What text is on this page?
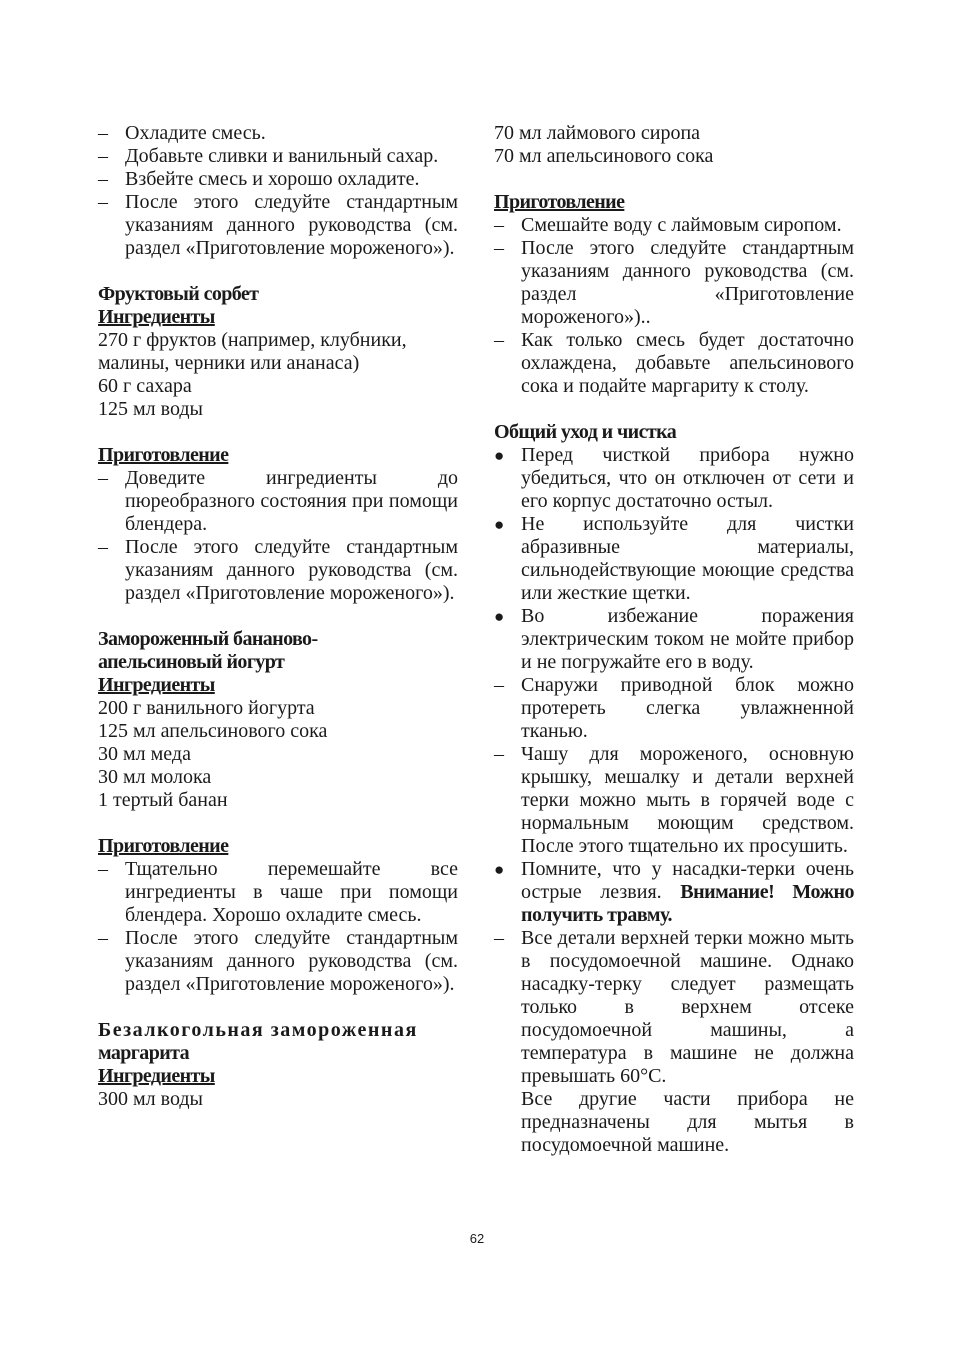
– Охладите смесь.
– Добавьте сливки и ванильный сахар.
– Взбейте смесь и хорошо охладите.
– После этого следуйте стандартным указаниям данного руководства (см. раздел «Приготовление мороженого»).
Фруктовый сорбет
Ингредиенты
270 г фруктов (например, клубники, малины, черники или ананаса)
60 г сахара
125 мл воды
Приготовление
– Доведите ингредиенты до пюреобразного состояния при помощи блендера.
– После этого следуйте стандартным указаниям данного руководства (см. раздел «Приготовление мороженого»).
Замороженный бананово-
апельсиновый йогурт
Ингредиенты
200 г ванильного йогурта
125 мл апельсинового сока
30 мл меда
30 мл молока
1 тертый банан
Приготовление
– Тщательно перемешайте все ингредиенты в чаше при помощи блендера. Хорошо охладите смесь.
– После этого следуйте стандартным указаниям данного руководства (см. раздел «Приготовление мороженого»).
Безалкогольная замороженная
маргарита
Ингредиенты
300 мл воды
70 мл лаймового сиропа
70 мл апельсинового сока
Приготовление
– Смешайте воду с лаймовым сиропом.
– После этого следуйте стандартным указаниям данного руководства (см. раздел «Приготовление мороженого»)..
– Как только смесь будет достаточно охлаждена, добавьте апельсинового сока и подайте маргариту к столу.
Общий уход и чистка
● Перед чисткой прибора нужно убедиться, что он отключен от сети и его корпус достаточно остыл.
● Не используйте для чистки абразивные материалы, сильнодействующие моющие средства или жесткие щетки.
● Во избежание поражения электрическим током не мойте прибор и не погружайте его в воду.
– Снаружи приводной блок можно протереть слегка увлажненной тканью.
– Чашу для мороженого, основную крышку, мешалку и детали верхней терки можно мыть в горячей воде с нормальным моющим средством. После этого тщательно их просушить.
● Помните, что у насадки-терки очень острые лезвия. Внимание! Можно получить травму.
– Все детали верхней терки можно мыть в посудомоечной машине. Однако насадку-терку следует размещать только в верхнем отсеке посудомоечной машины, а температура в машине не должна превышать 60°C.
Все другие части прибора не предназначены для мытья в посудомоечной машине.
62
